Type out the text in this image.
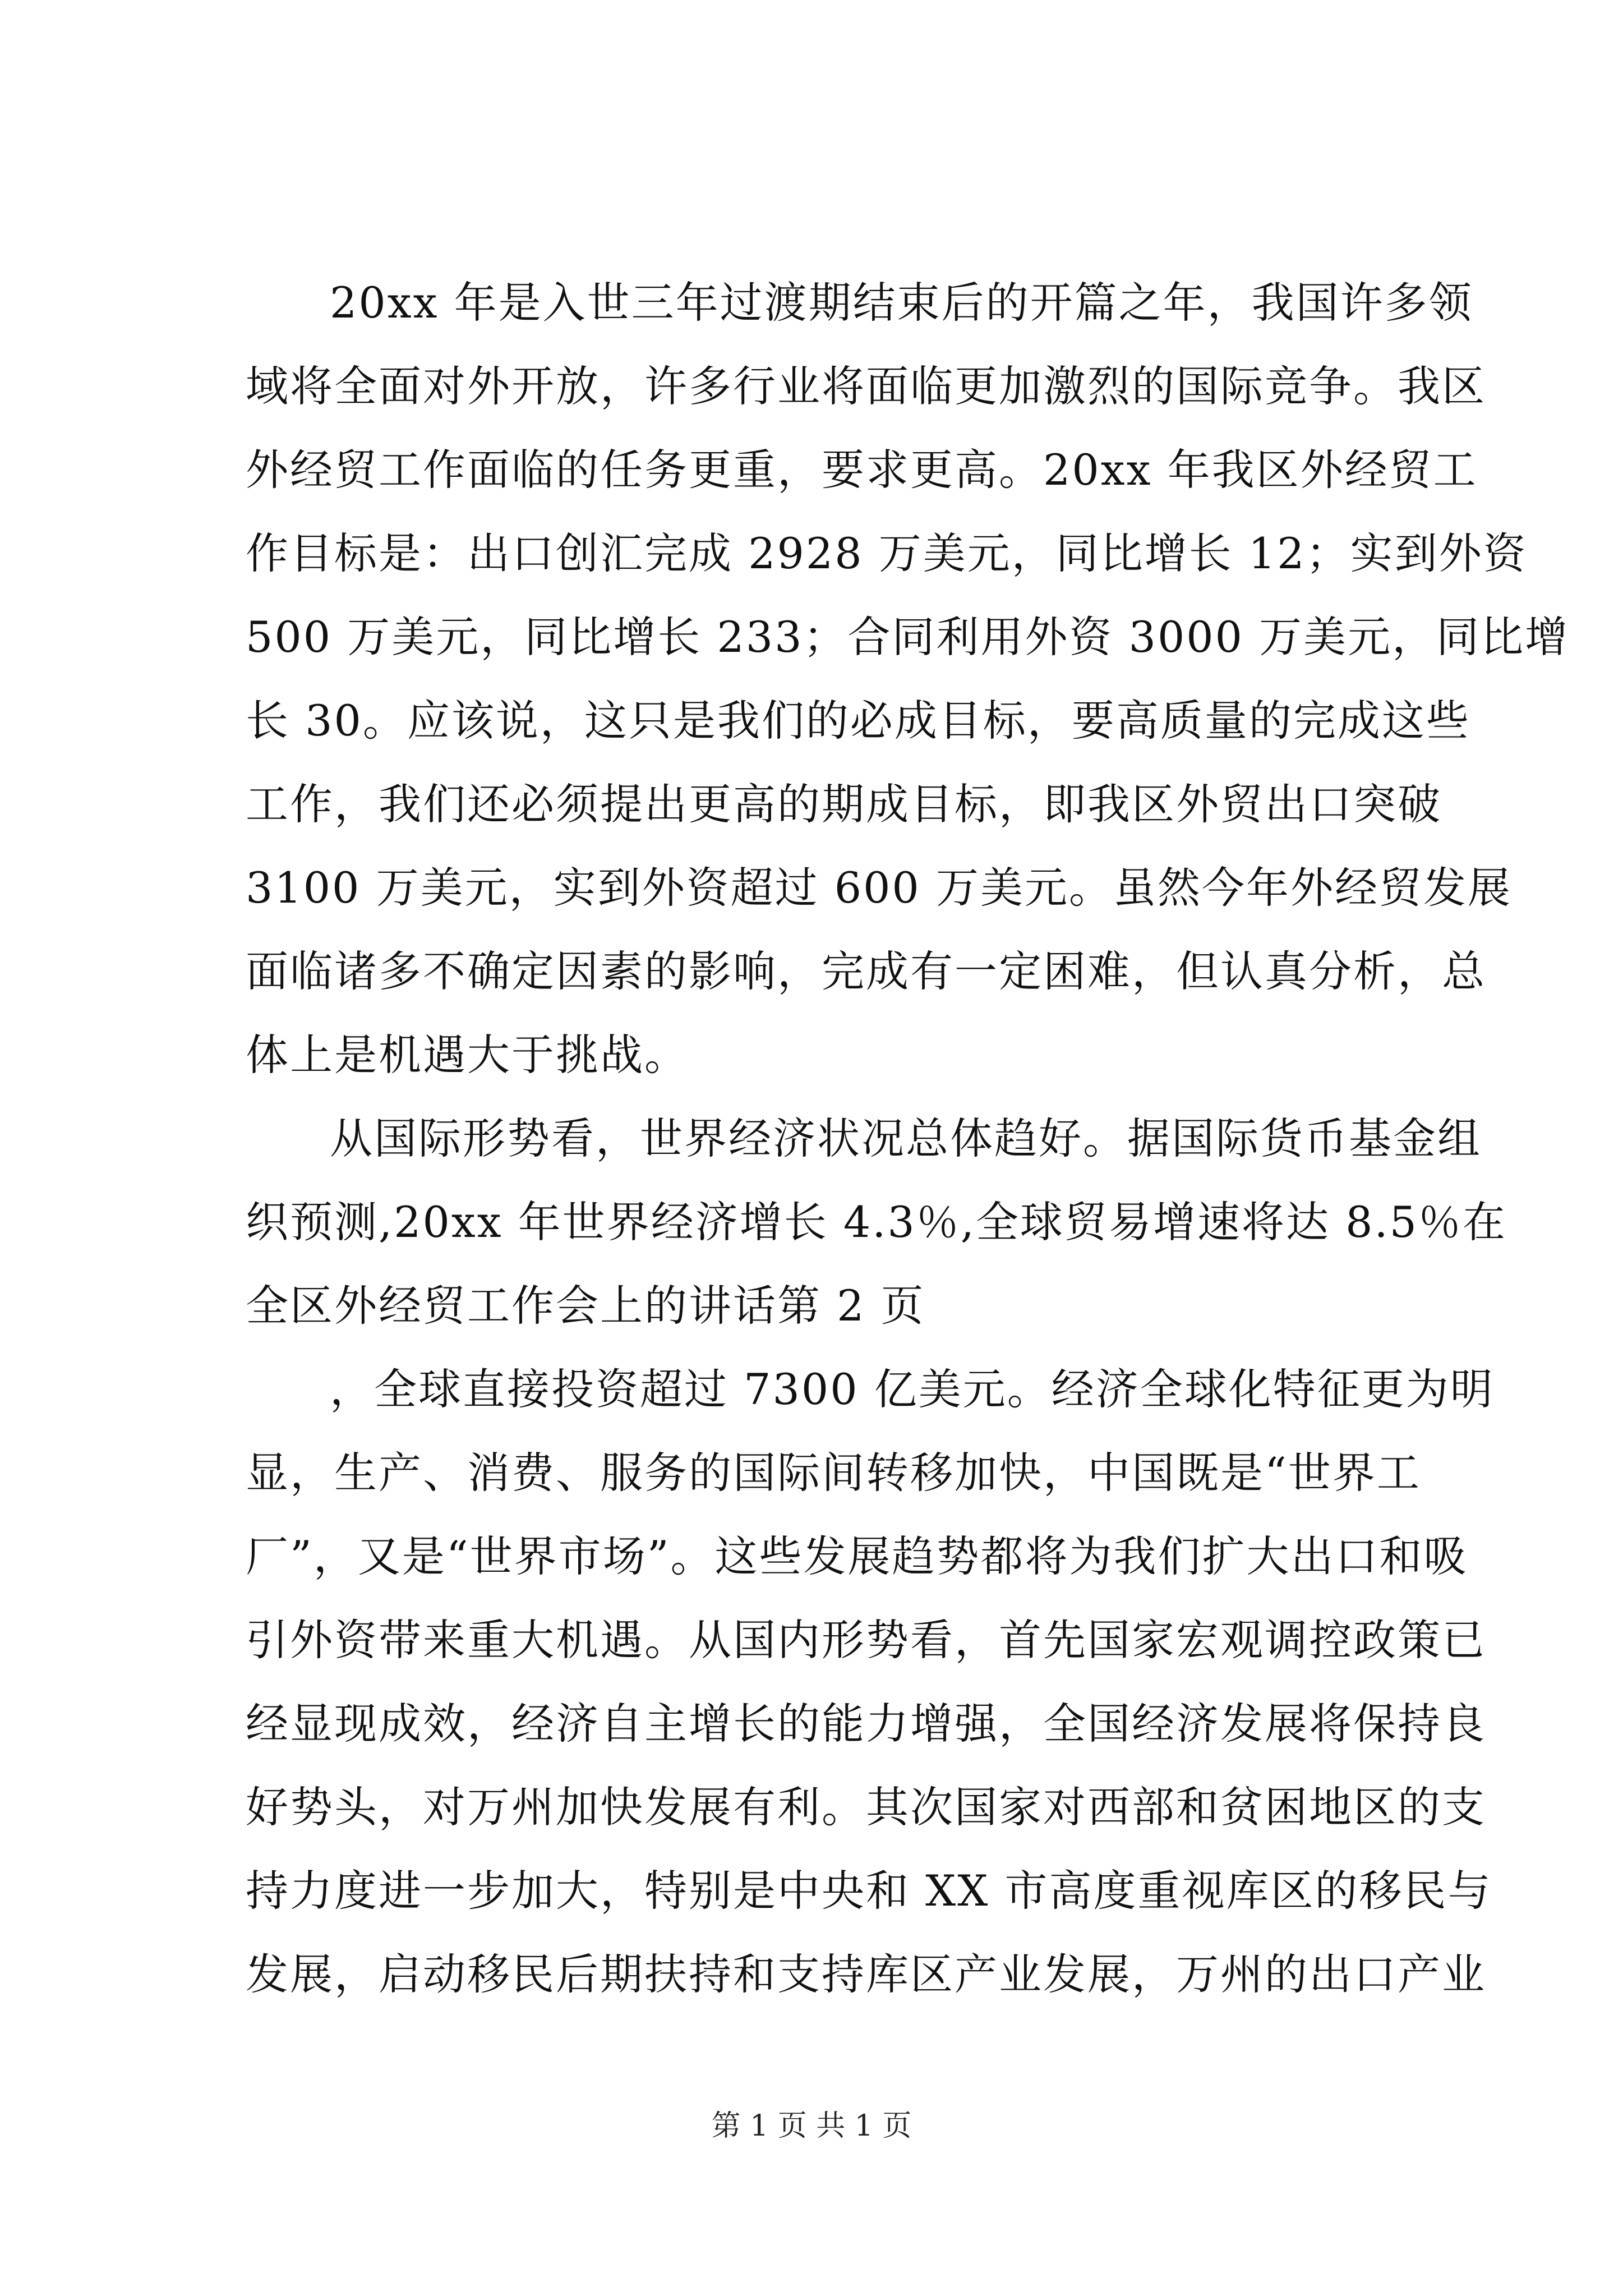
20xx 年是入世三年过渡期结束后的开篇之年，我国许多领
域将全面对外开放，许多行业将面临更加激烈的国际竞争。我区
外经贸工作面临的任务更重，要求更高。20xx 年我区外经贸工
作目标是：出口创汇完成 2928 万美元，同比增长 12；实到外资
500 万美元，同比增长 233；合同利用外资 3000 万美元，同比增
长 30。应该说，这只是我们的必成目标，要高质量的完成这些
工作，我们还必须提出更高的期成目标，即我区外贸出口突破
3100 万美元，实到外资超过 600 万美元。虽然今年外经贸发展
面临诸多不确定因素的影响，完成有一定困难，但认真分析，总
体上是机遇大于挑战。
从国际形势看，世界经济状况总体趋好。据国际货币基金组
织预测,20xx 年世界经济增长 4.3％,全球贸易增速将达 8.5％在
全区外经贸工作会上的讲话第 2 页
，全球直接投资超过 7300 亿美元。经济全球化特征更为明
显，生产、消费、服务的国际间转移加快，中国既是“世界工
厂”，又是“世界市场”。这些发展趋势都将为我们扩大出口和吸
引外资带来重大机遇。从国内形势看，首先国家宏观调控政策已
经显现成效，经济自主增长的能力增强，全国经济发展将保持良
好势头，对万州加快发展有利。其次国家对西部和贫困地区的支
持力度进一步加大，特别是中央和 XX 市高度重视库区的移民与
发展，启动移民后期扶持和支持库区产业发展，万州的出口产业
第 1 页 共 1 页
